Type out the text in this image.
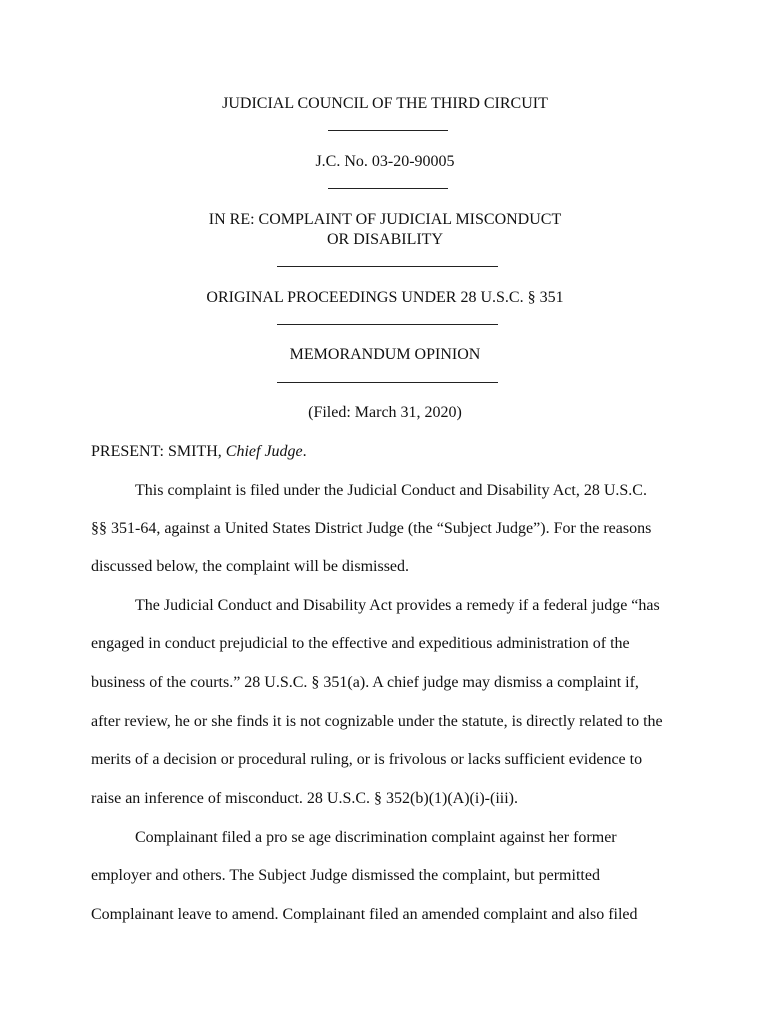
JUDICIAL COUNCIL OF THE THIRD CIRCUIT
J.C. No. 03-20-90005
IN RE: COMPLAINT OF JUDICIAL MISCONDUCT
OR DISABILITY
ORIGINAL PROCEEDINGS UNDER 28 U.S.C. § 351
MEMORANDUM OPINION
(Filed: March 31, 2020)
PRESENT: SMITH, Chief Judge.
This complaint is filed under the Judicial Conduct and Disability Act, 28 U.S.C.
§§ 351-64, against a United States District Judge (the “Subject Judge”). For the reasons
discussed below, the complaint will be dismissed.
The Judicial Conduct and Disability Act provides a remedy if a federal judge “has
engaged in conduct prejudicial to the effective and expeditious administration of the
business of the courts.” 28 U.S.C. § 351(a). A chief judge may dismiss a complaint if,
after review, he or she finds it is not cognizable under the statute, is directly related to the
merits of a decision or procedural ruling, or is frivolous or lacks sufficient evidence to
raise an inference of misconduct. 28 U.S.C. § 352(b)(1)(A)(i)-(iii).
Complainant filed a pro se age discrimination complaint against her former
employer and others. The Subject Judge dismissed the complaint, but permitted
Complainant leave to amend. Complainant filed an amended complaint and also filed
